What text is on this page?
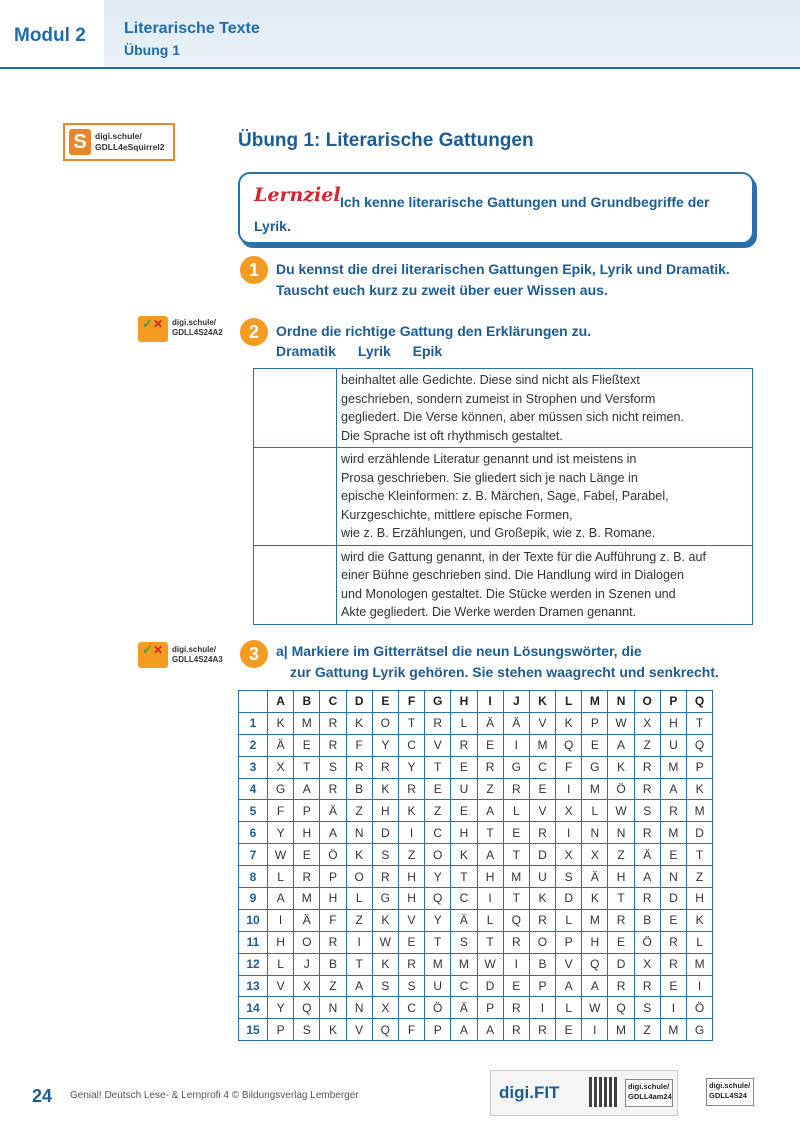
Modul 2 Literarische Texte
Übung 1
S digi.schule/
GDLL4eSquirrel2	Übung 1: Literarische Gattungen
Lernziel Ich kenne literarische Gattungen und Grundbegriffe der Lyrik.
1	Du kennst die drei literarischen Gattungen Epik, Lyrik und Dramatik. Tauscht euch kurz zu zweit über euer Wissen aus.
✓ ✕ digi.schule/
GDLL4S24A2	2	Ordne die richtige Gattung den Erklärungen zu.
Dramatik Lyrik Epik

	beinhaltet alle Gedichte. Diese sind nicht als Fließtext
geschrieben, sondern zumeist in Strophen und Versform
gegliedert. Die Verse können, aber müssen sich nicht reimen.
Die Sprache ist oft rhythmisch gestaltet.

	wird erzählende Literatur genannt und ist meistens in
Prosa geschrieben. Sie gliedert sich je nach Länge in
epische Kleinformen: z. B. Märchen, Sage, Fabel, Parabel,
Kurzgeschichte, mittlere epische Formen,
wie z. B. Erzählungen, und Großepik, wie z. B. Romane.

	wird die Gattung genannt, in der Texte für die Aufführung z. B. auf
einer Bühne geschrieben sind. Die Handlung wird in Dialogen
und Monologen gestaltet. Die Stücke werden in Szenen und
Akte gegliedert. Die Werke werden Dramen genannt.
✓ ✕ digi.schule/
GDLL4S24A3	3	a| Markiere im Gitterrätsel die neun Lösungswörter, die
zur Gattung Lyrik gehören. Sie stehen waagrecht und senkrecht.
	A	B	C	D	E	F	G	H	I	J	K	L	M	N	O	P	Q
1	K	M	R	K	O	T	R	L	Ä	Ä	V	K	P	W	X	H	T
2	Ä	E	R	F	Y	C	V	R	E	I	M	Q	E	A	Z	U	Q
3	X	T	S	R	R	Y	T	E	R	G	C	F	G	K	R	M	P
4	G	A	R	B	K	R	E	U	Z	R	E	I	M	Ö	R	A	K
5	F	P	Ä	Z	H	K	Z	E	A	L	V	X	L	W	S	R	M
6	Y	H	A	N	D	I	C	H	T	E	R	I	N	N	R	M	D
7	W	E	Ö	K	S	Z	O	K	A	T	D	X	X	Z	Ä	E	T
8	L	R	P	O	R	H	Y	T	H	M	U	S	Ä	H	A	N	Z
9	A	M	H	L	G	H	Q	C	I	T	K	D	K	T	R	D	H
10	I	Ä	F	Z	K	V	Y	Ä	L	Q	R	L	M	R	B	E	K
11	H	O	R	I	W	E	T	S	T	R	O	P	H	E	Ö	R	L
12	L	J	B	T	K	R	M	M	W	I	B	V	Q	D	X	R	M
13	V	X	Z	A	S	S	U	C	D	E	P	A	A	R	R	E	I
14	Y	Q	N	N	X	C	Ö	Ä	P	R	I	L	W	Q	S	I	Ö
15	P	S	K	V	Q	F	P	A	A	R	R	E	I	M	Z	M	G
24 Genial! Deutsch Lese- & Lernprofi 4 © Bildungsverlag Lemberger	digi.FIT	digi.schule/
GDLL4am24
digi.schule/
GDLL4S24
